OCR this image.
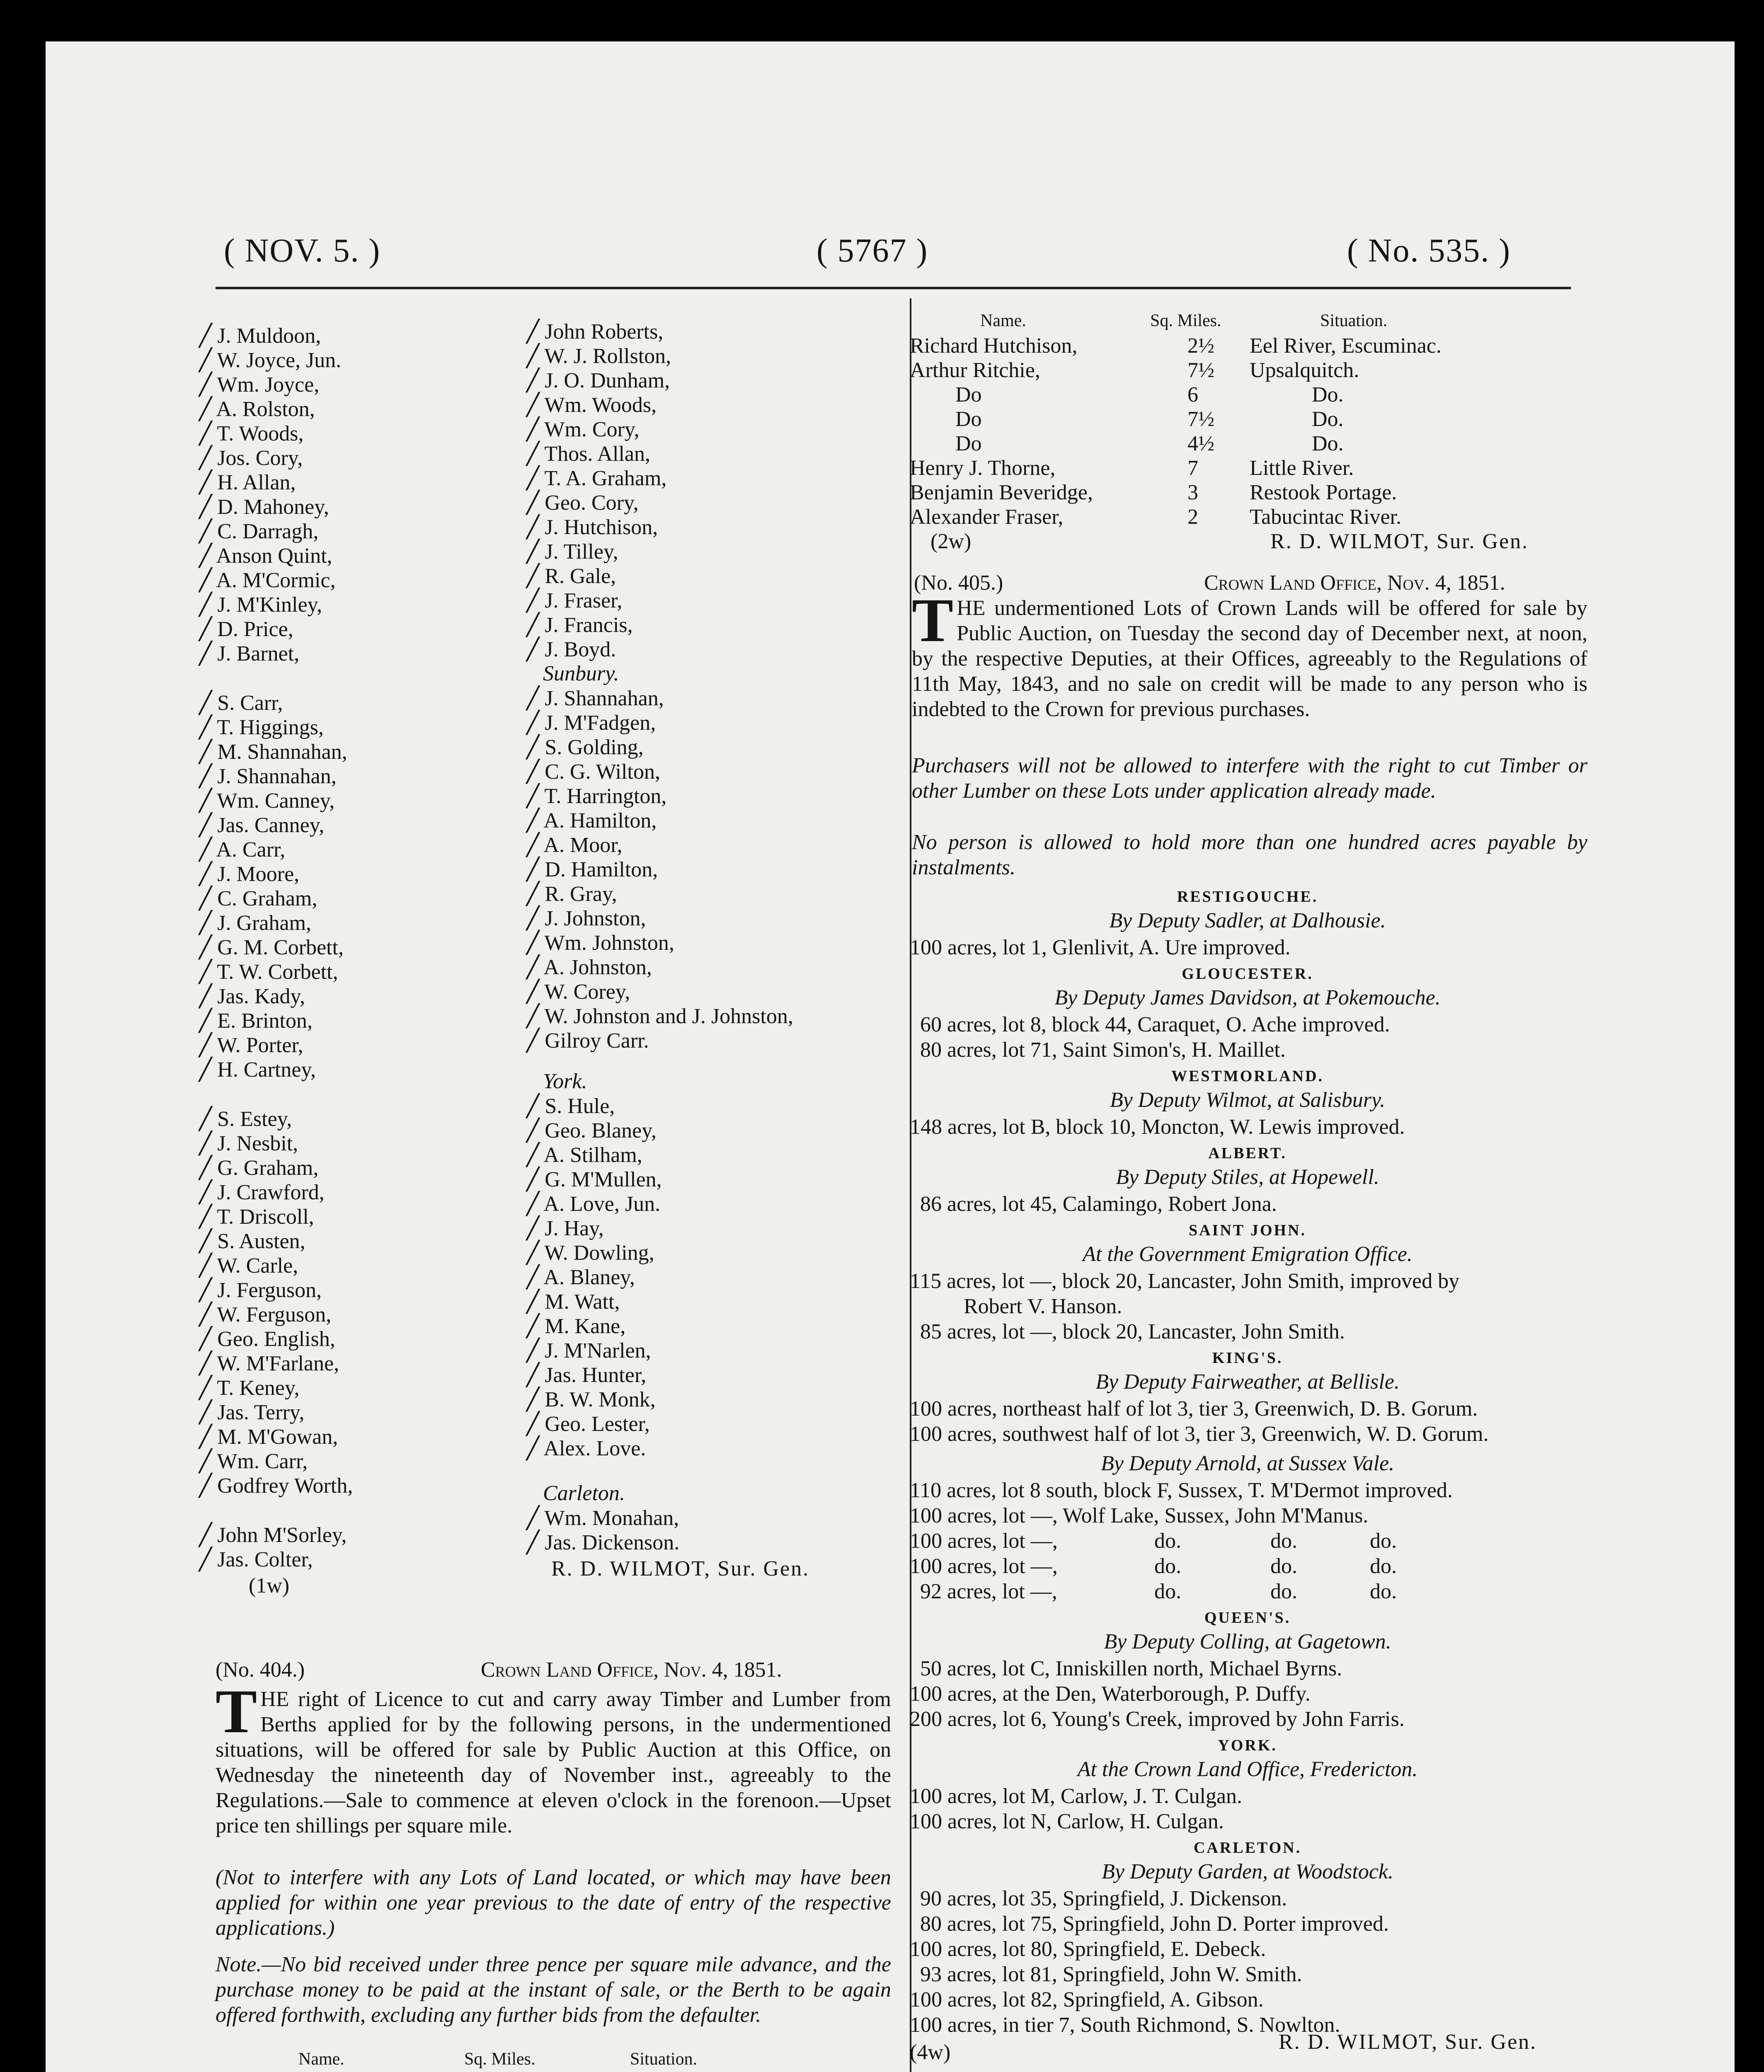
( NOV. 5. )	( 5767 )	( No. 535. )
╱ J. Muldoon,
╱ W. Joyce, Jun.
╱ Wm. Joyce,
╱ A. Rolston,
╱ T. Woods,
╱ Jos. Cory,
╱ H. Allan,
╱ D. Mahoney,
╱ C. Darragh,
╱ Anson Quint,
╱ A. M'Cormic,
╱ J. M'Kinley,
╱ D. Price,
╱ J. Barnet,
╱ S. Carr,
╱ T. Higgings,
╱ M. Shannahan,
╱ J. Shannahan,
╱ Wm. Canney,
╱ Jas. Canney,
╱ A. Carr,
╱ J. Moore,
╱ C. Graham,
╱ J. Graham,
╱ G. M. Corbett,
╱ T. W. Corbett,
╱ Jas. Kady,
╱ E. Brinton,
╱ W. Porter,
╱ H. Cartney,
╱ S. Estey,
╱ J. Nesbit,
╱ G. Graham,
╱ J. Crawford,
╱ T. Driscoll,
╱ S. Austen,
╱ W. Carle,
╱ J. Ferguson,
╱ W. Ferguson,
╱ Geo. English,
╱ W. M'Farlane,
╱ T. Keney,
╱ Jas. Terry,
╱ M. M'Gowan,
╱ Wm. Carr,
╱ Godfrey Worth,
╱ John M'Sorley,
╱ Jas. Colter,
(1w)
╱ John Roberts,
╱ W. J. Rollston,
╱ J. O. Dunham,
╱ Wm. Woods,
╱ Wm. Cory,
╱ Thos. Allan,
╱ T. A. Graham,
╱ Geo. Cory,
╱ J. Hutchison,
╱ J. Tilley,
╱ R. Gale,
╱ J. Fraser,
╱ J. Francis,
╱ J. Boyd.
Sunbury.
╱ J. Shannahan,
╱ J. M'Fadgen,
╱ S. Golding,
╱ C. G. Wilton,
╱ T. Harrington,
╱ A. Hamilton,
╱ A. Moor,
╱ D. Hamilton,
╱ R. Gray,
╱ J. Johnston,
╱ Wm. Johnston,
╱ A. Johnston,
╱ W. Corey,
╱ W. Johnston and J. Johnston,
╱ Gilroy Carr.
York.
╱ S. Hule,
╱ Geo. Blaney,
╱ A. Stilham,
╱ G. M'Mullen,
╱ A. Love, Jun.
╱ J. Hay,
╱ W. Dowling,
╱ A. Blaney,
╱ M. Watt,
╱ M. Kane,
╱ J. M'Narlen,
╱ Jas. Hunter,
╱ B. W. Monk,
╱ Geo. Lester,
╱ Alex. Love.
Carleton.
╱ Wm. Monahan,
╱ Jas. Dickenson.
R. D. WILMOT, Sur. Gen.
(No. 404.)	Crown Land Office, Nov. 4, 1851.
THE right of Licence to cut and carry away Timber and Lumber from Berths applied for by the following persons, in the undermentioned situations, will be offered for sale by Public Auction at this Office, on Wednesday the nineteenth day of November inst., agreeably to the Regulations.—Sale to commence at eleven o'clock in the forenoon.—Upset price ten shillings per square mile.
(Not to interfere with any Lots of Land located, or which may have been applied for within one year previous to the date of entry of the respective applications.)
Note.—No bid received under three pence per square mile advance, and the purchase money to be paid at the instant of sale, or the Berth to be again offered forthwith, excluding any further bids from the defaulter.
Name.	Sq. Miles.	Situation.
Name.	Sq. Miles.	Situation.
Richard Hutchison,	2½ Eel River, Escuminac.
Arthur Ritchie,	7½ Upsalquitch.
Do	6	Do.
Do	7½	Do.
Do	4½	Do.
Henry J. Thorne,	7 Little River.
Benjamin Beveridge,	3 Restook Portage.
Alexander Fraser,	2 Tabucintac River.
(2w)	R. D. WILMOT, Sur. Gen.
(No. 405.)	Crown Land Office, Nov. 4, 1851.
THE undermentioned Lots of Crown Lands will be offered for sale by Public Auction, on Tuesday the second day of December next, at noon, by the respective Deputies, at their Offices, agreeably to the Regulations of 11th May, 1843, and no sale on credit will be made to any person who is indebted to the Crown for previous purchases.
Purchasers will not be allowed to interfere with the right to cut Timber or other Lumber on these Lots under application already made.
No person is allowed to hold more than one hundred acres payable by instalments.
RESTIGOUCHE.
By Deputy Sadler, at Dalhousie.
100 acres, lot 1, Glenlivit, A. Ure improved.
GLOUCESTER.
By Deputy James Davidson, at Pokemouche.
60 acres, lot 8, block 44, Caraquet, O. Ache improved.
80 acres, lot 71, Saint Simon's, H. Maillet.
WESTMORLAND.
By Deputy Wilmot, at Salisbury.
148 acres, lot B, block 10, Moncton, W. Lewis improved.
ALBERT.
By Deputy Stiles, at Hopewell.
86 acres, lot 45, Calamingo, Robert Jona.
SAINT JOHN.
At the Government Emigration Office.
115 acres, lot —, block 20, Lancaster, John Smith, improved by
Robert V. Hanson.
85 acres, lot —, block 20, Lancaster, John Smith.
KING'S.
By Deputy Fairweather, at Bellisle.
100 acres, northeast half of lot 3, tier 3, Greenwich, D. B. Gorum.
100 acres, southwest half of lot 3, tier 3, Greenwich, W. D. Gorum.
By Deputy Arnold, at Sussex Vale.
110 acres, lot 8 south, block F, Sussex, T. M'Dermot improved.
100 acres, lot —, Wolf Lake, Sussex, John M'Manus.
100 acres, lot —,	do.	do.	do.
100 acres, lot —,	do.	do.	do.
92 acres, lot —,	do.	do.	do.
QUEEN'S.
By Deputy Colling, at Gagetown.
50 acres, lot C, Inniskillen north, Michael Byrns.
100 acres, at the Den, Waterborough, P. Duffy.
200 acres, lot 6, Young's Creek, improved by John Farris.
YORK.
At the Crown Land Office, Fredericton.
100 acres, lot M, Carlow, J. T. Culgan.
100 acres, lot N, Carlow, H. Culgan.
CARLETON.
By Deputy Garden, at Woodstock.
90 acres, lot 35, Springfield, J. Dickenson.
80 acres, lot 75, Springfield, John D. Porter improved.
100 acres, lot 80, Springfield, E. Debeck.
93 acres, lot 81, Springfield, John W. Smith.
100 acres, lot 82, Springfield, A. Gibson.
100 acres, in tier 7, South Richmond, S. Nowlton.
(4w)	R. D. WILMOT, Sur. Gen.
